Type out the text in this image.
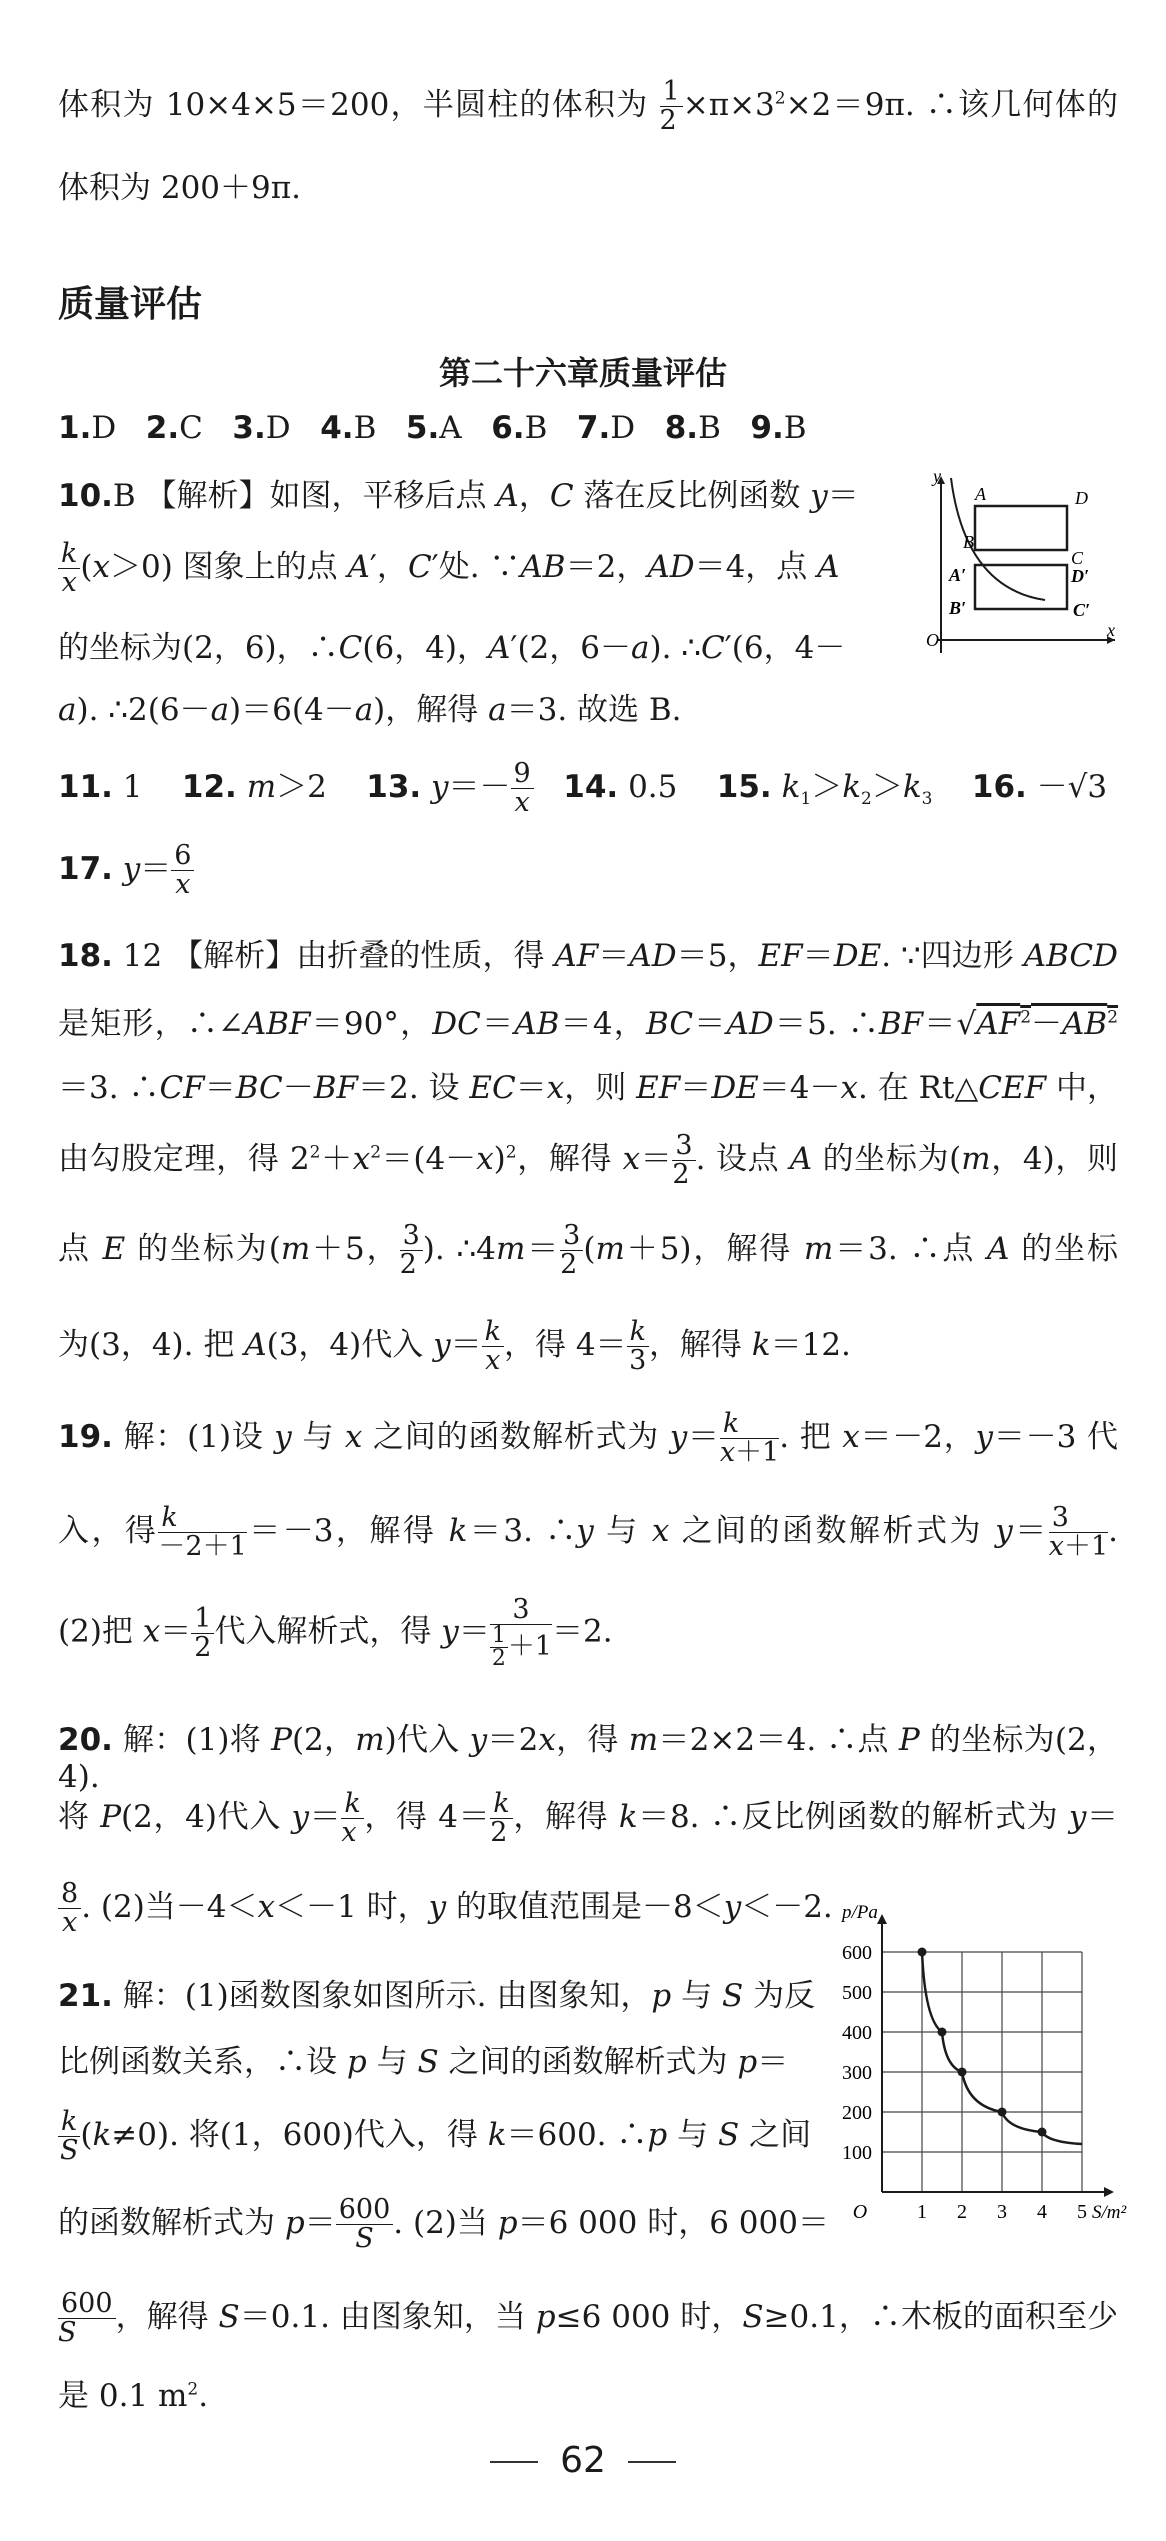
体积为 10×4×5＝200，半圆柱的体积为 $\frac{1}{2} \times\pi\times 3^2\times 2=9\pi$. ∴该几何体的
体积为 200＋9π.
质量评估
第二十六章质量评估
1.D   2.C   3.D   4.B   5.A   6.B   7.D   8.B   9.B
10.B 【解析】如图，平移后点 A，C 落在反比例函数 y＝
$\frac{k}{x} (x>0)$ 图象上的点 A′，C′处. ∵AB＝2，AD＝4，点 A
的坐标为(2，6)，∴C(6，4)，A′(2，6－a). ∴C′(6，4－
a). ∴2(6－a)＝6(4－a)，解得 a＝3. 故选 B.
y
x
O
A	D
B
C
A′	D′
B′	C′
11. 1    12. m＞2    13. $y=- \frac{9}{x} 14$. 0.5    15. $k_1>k_2>k_3$ 16. －√3
17. $y= \frac{6}{x}$
18. 12 【解析】由折叠的性质，得 AF＝AD＝5，EF＝DE. ∵四边形 ABCD
是矩形，∴∠ABF＝90°，DC＝AB＝4，BC＝AD＝5. $\therefore BF=√AF^2-AB^2$
＝3. ∴CF＝BC－BF＝2. 设 EC＝x，则 EF＝DE＝4－x. 在 Rt△CEF 中，
由勾股定理，得 $2^2+x^2=(4-x)^2$，解得 $x= \frac{3}{2}$ . 设点 A 的坐标为(m，4)，则
点 E 的坐标为(m＋5， $\frac{3}{2}$ ). ∴4m＝ $\frac{3}{2} (m+5)$，解得 m＝3. ∴点 A 的坐标
为(3，4). 把 A(3，4)代入 $y= \frac{k}{x}$ ，得 $4= \frac{k}{3}$ ，解得 k＝12.
19. 解：(1)设 y 与 x 之间的函数解析式为 $y= \frac{k}{x+1}$ . 把 x＝－2，y＝－3 代
入，得 $\frac{k}{-2+1} =-3$，解得 k＝3. ∴y 与 x 之间的函数解析式为 $y= \frac{3}{x+1}$ .
(2)把 $x= \frac{1}{2}$ 代入解析式，得 $y= \frac{3}{\frac{1}{2} +1} =2$.
20. 解：(1)将 P(2，m)代入 y＝2x，得 m＝2×2＝4. ∴点 P 的坐标为(2，4).
将 P(2，4)代入 $y= \frac{k}{x}$ ，得 $4= \frac{k}{2}$ ，解得 k＝8. ∴反比例函数的解析式为 y＝
$\frac{8}{x}$ . (2)当－4＜x＜－1 时，y 的取值范围是－8＜y＜－2.
21. 解：(1)函数图象如图所示. 由图象知，p 与 S 为反
比例函数关系，∴设 p 与 S 之间的函数解析式为 p＝
$\frac{k}{S} (k\ne 0)$. 将(1，600)代入，得 k＝600. ∴p 与 S 之间
的函数解析式为 $p= \frac{600}{S}$ . (2)当 p＝6 000 时，6 000＝
$\frac{600}{S}$ ，解得 S＝0.1. 由图象知，当 p≤6 000 时，S≥0.1，∴木板的面积至少
是 0.1 $m^2$.
100
200
300
400
500
600
1 2 3 4 5
O
p/Pa
S/m²
62
